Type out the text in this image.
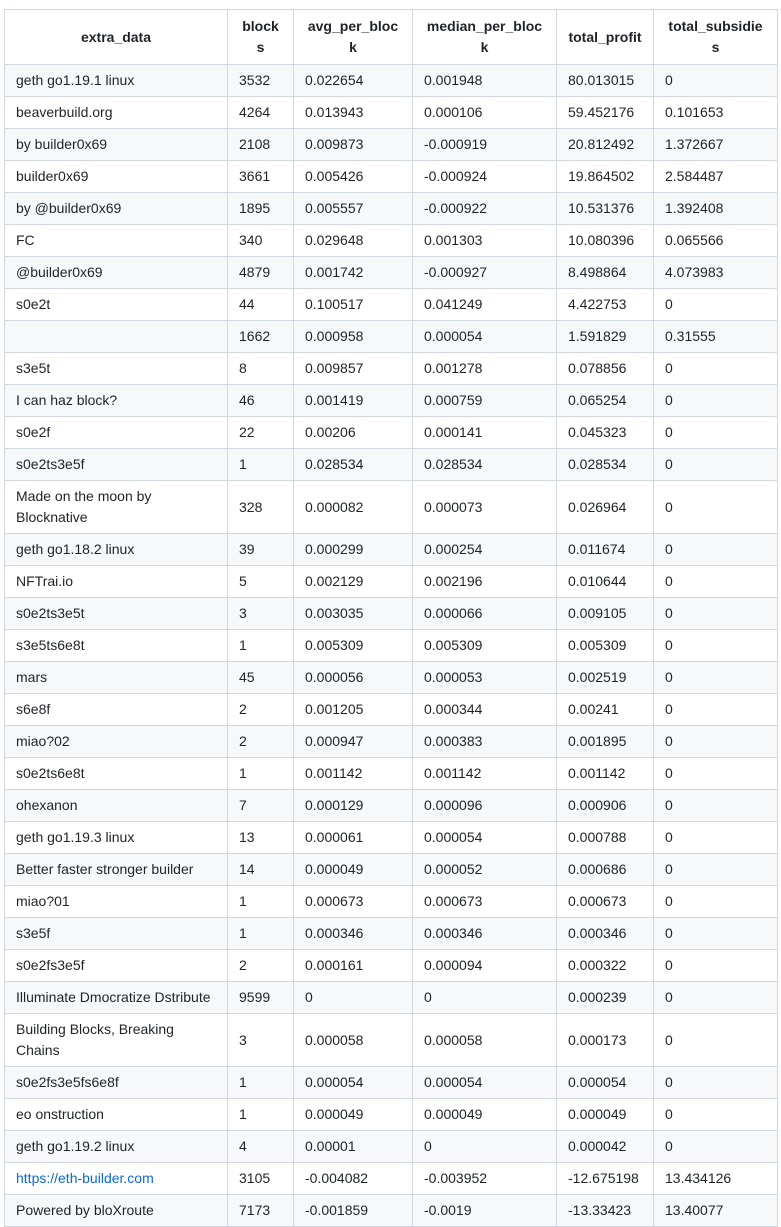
extra_data	blocks	avg_per_block	median_per_block	total_profit	total_subsidies
geth go1.19.1 linux	3532	0.022654	0.001948	80.013015	0
beaverbuild.org	4264	0.013943	0.000106	59.452176	0.101653
by builder0x69	2108	0.009873	-0.000919	20.812492	1.372667
builder0x69	3661	0.005426	-0.000924	19.864502	2.584487
by @builder0x69	1895	0.005557	-0.000922	10.531376	1.392408
FC	340	0.029648	0.001303	10.080396	0.065566
@builder0x69	4879	0.001742	-0.000927	8.498864	4.073983
s0e2t	44	0.100517	0.041249	4.422753	0
	1662	0.000958	0.000054	1.591829	0.31555
s3e5t	8	0.009857	0.001278	0.078856	0
I can haz block?	46	0.001419	0.000759	0.065254	0
s0e2f	22	0.00206	0.000141	0.045323	0
s0e2ts3e5f	1	0.028534	0.028534	0.028534	0
Made on the moon by Blocknative	328	0.000082	0.000073	0.026964	0
geth go1.18.2 linux	39	0.000299	0.000254	0.011674	0
NFTrai.io	5	0.002129	0.002196	0.010644	0
s0e2ts3e5t	3	0.003035	0.000066	0.009105	0
s3e5ts6e8t	1	0.005309	0.005309	0.005309	0
mars	45	0.000056	0.000053	0.002519	0
s6e8f	2	0.001205	0.000344	0.00241	0
miao?02	2	0.000947	0.000383	0.001895	0
s0e2ts6e8t	1	0.001142	0.001142	0.001142	0
ohexanon	7	0.000129	0.000096	0.000906	0
geth go1.19.3 linux	13	0.000061	0.000054	0.000788	0
Better faster stronger builder	14	0.000049	0.000052	0.000686	0
miao?01	1	0.000673	0.000673	0.000673	0
s3e5f	1	0.000346	0.000346	0.000346	0
s0e2fs3e5f	2	0.000161	0.000094	0.000322	0
Illuminate Dmocratize Dstribute	9599	0	0	0.000239	0
Building Blocks, Breaking Chains	3	0.000058	0.000058	0.000173	0
s0e2fs3e5fs6e8f	1	0.000054	0.000054	0.000054	0
eo onstruction	1	0.000049	0.000049	0.000049	0
geth go1.19.2 linux	4	0.00001	0	0.000042	0
https://eth-builder.com	3105	-0.004082	-0.003952	-12.675198	13.434126
Powered by bloXroute	7173	-0.001859	-0.0019	-13.33423	13.40077
